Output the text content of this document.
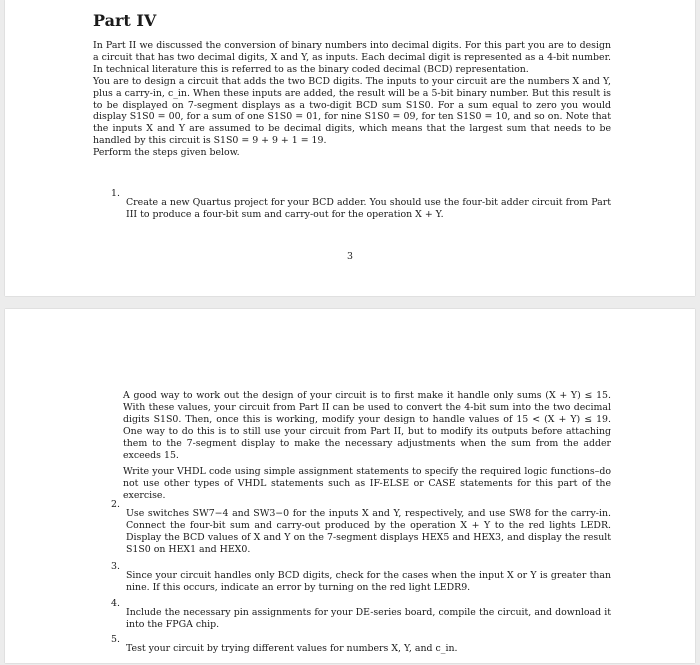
Part IV

In Part II we discussed the conversion of binary numbers into decimal digits. For this part you are to design a circuit that has two decimal digits, X and Y, as inputs. Each decimal digit is represented as a 4-bit number. In technical literature this is referred to as the binary coded decimal (BCD) representation.

You are to design a circuit that adds the two BCD digits. The inputs to your circuit are the numbers X and Y, plus a carry-in, c_in. When these inputs are added, the result will be a 5-bit binary number. But this result is to be displayed on 7-segment displays as a two-digit BCD sum S1S0. For a sum equal to zero you would display S1S0 = 00, for a sum of one S1S0 = 01, for nine S1S0 = 09, for ten S1S0 = 10, and so on. Note that the inputs X and Y are assumed to be decimal digits, which means that the largest sum that needs to be handled by this circuit is S1S0 = 9 + 9 + 1 = 19.

Perform the steps given below.

1.

Create a new Quartus project for your BCD adder. You should use the four-bit adder circuit from Part III to produce a four-bit sum and carry-out for the operation X + Y.

3

A good way to work out the design of your circuit is to first make it handle only sums (X + Y) ≤ 15. With these values, your circuit from Part II can be used to convert the 4-bit sum into the two decimal digits S1S0. Then, once this is working, modify your design to handle values of 15 < (X + Y) ≤ 19. One way to do this is to still use your circuit from Part II, but to modify its outputs before attaching them to the 7-segment display to make the necessary adjustments when the sum from the adder exceeds 15.

Write your VHDL code using simple assignment statements to specify the required logic functions–do not use other types of VHDL statements such as IF-ELSE or CASE statements for this part of the exercise.

2.

Use switches SW7−4 and SW3−0 for the inputs X and Y, respectively, and use SW8 for the carry-in. Connect the four-bit sum and carry-out produced by the operation X + Y to the red lights LEDR. Display the BCD values of X and Y on the 7-segment displays HEX5 and HEX3, and display the result S1S0 on HEX1 and HEX0.

3.

Since your circuit handles only BCD digits, check for the cases when the input X or Y is greater than nine. If this occurs, indicate an error by turning on the red light LEDR9.

4.

Include the necessary pin assignments for your DE-series board, compile the circuit, and download it into the FPGA chip.

5.

Test your circuit by trying different values for numbers X, Y, and c_in.
